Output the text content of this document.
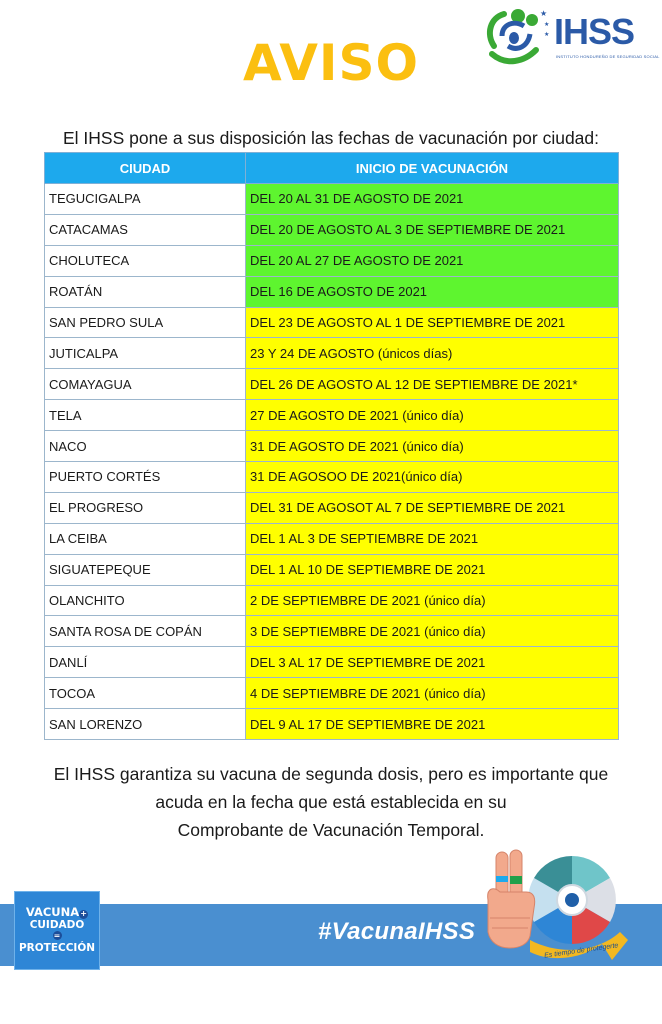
AVISO
★
★
★ IHSS
INSTITUTO HONDUREÑO DE SEGURIDAD SOCIAL
El IHSS pone a sus disposición las fechas de vacunación por ciudad:
CIUDAD	INICIO DE VACUNACIÓN
TEGUCIGALPA	DEL 20 AL 31 DE AGOSTO DE 2021
CATACAMAS	DEL 20 DE AGOSTO AL 3 DE SEPTIEMBRE DE 2021
CHOLUTECA	DEL 20 AL 27 DE AGOSTO DE 2021
ROATÁN	DEL 16 DE AGOSTO DE 2021
SAN PEDRO SULA	DEL 23 DE AGOSTO AL 1 DE SEPTIEMBRE DE 2021
JUTICALPA	23 Y 24 DE AGOSTO (únicos días)
COMAYAGUA	DEL 26 DE AGOSTO AL 12 DE SEPTIEMBRE DE 2021*
TELA	27 DE AGOSTO DE 2021 (único día)
NACO	31 DE AGOSTO DE 2021 (único día)
PUERTO CORTÉS	31 DE AGOSOO DE 2021(único día)
EL PROGRESO	DEL 31 DE AGOSOT AL 7 DE SEPTIEMBRE DE 2021
LA CEIBA	DEL 1 AL 3 DE SEPTIEMBRE DE 2021
SIGUATEPEQUE	DEL 1 AL 10 DE SEPTIEMBRE DE 2021
OLANCHITO	2 DE SEPTIEMBRE DE 2021 (único día)
SANTA ROSA DE COPÁN	3 DE SEPTIEMBRE DE 2021 (único día)
DANLÍ	DEL 3 AL 17 DE SEPTIEMBRE DE 2021
TOCOA	4 DE SEPTIEMBRE DE 2021 (único día)
SAN LORENZO	DEL 9 AL 17 DE SEPTIEMBRE DE 2021
El IHSS garantiza su vacuna de segunda dosis, pero es importante que
acuda en la fecha que está establecida en su
Comprobante de Vacunación Temporal.
VACUNA+
CUIDADO
=
PROTECCIÓN
#VacunaIHSS
Es tiempo de protegerte
